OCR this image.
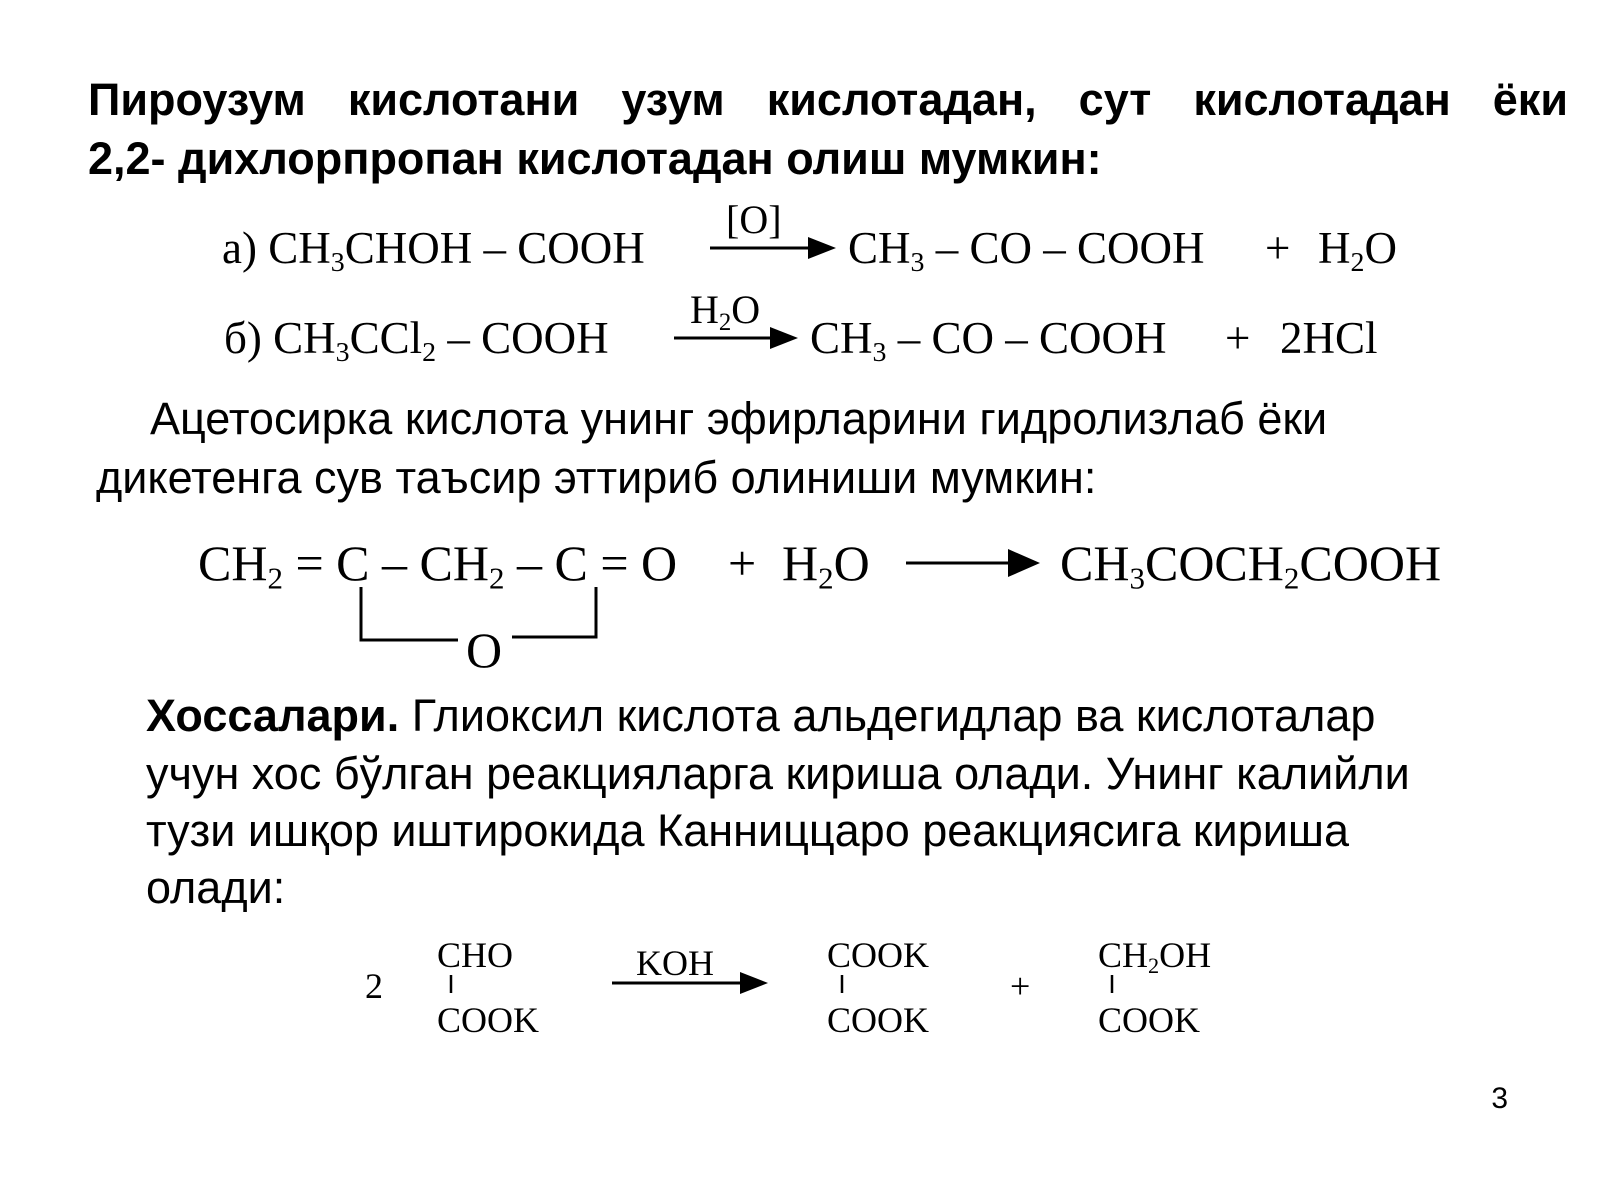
Пироузум кислотани узум кислотадан, сут кислотадан ёки
2,2- дихлорпропан кислотадан олиш мумкин:
а) $CH_3CHOH$ – COOH
[O]
$CH_3$ – CO – COOH + $H_2O$
б) $CH_3CCl_2$ – COOH
$H_2O$
$CH_3$ – CO – COOH + 2HCl
Ацетосирка кислота унинг эфирларини гидролизлаб ёки
дикетенга сув таъсир эттириб олиниши мумкин:
$CH_2 = C - CH_2 - C = O + H_2O$	$CH_3COCH_2COOH$
O
Хоссалари. Глиоксил кислота альдегидлар ва кислоталар
учун хос бўлган реакцияларга кириша олади. Унинг калийли
тузи ишқор иштирокида Канниццаро реакциясига кириша
олади:
2
CHO
COOK
KOH	COOK
COOK
+
$CH_2OH$
COOK
3
